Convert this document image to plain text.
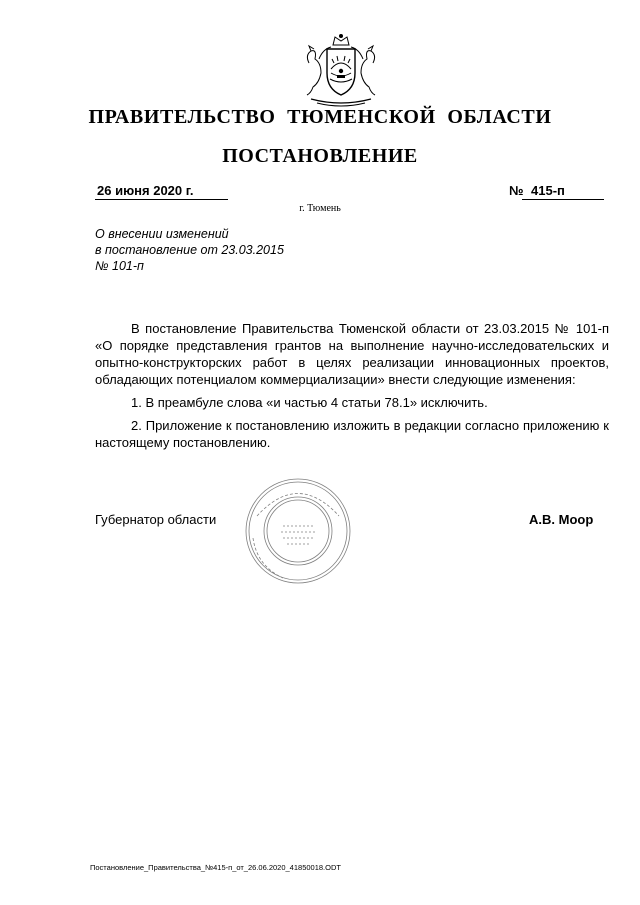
ПРАВИТЕЛЬСТВО ТЮМЕНСКОЙ ОБЛАСТИ
ПОСТАНОВЛЕНИЕ
26 июня 2020 г.	№ 415-п
г. Тюмень
О внесении изменений
в постановление от 23.03.2015
№ 101-п

В постановление Правительства Тюменской области от 23.03.2015 № 101-п «О порядке представления грантов на выполнение научно-исследовательских и опытно-конструкторских работ в целях реализации инновационных проектов, обладающих потенциалом коммерциализации» внести следующие изменения:

1. В преамбуле слова «и частью 4 статьи 78.1» исключить.

2. Приложение к постановлению изложить в редакции согласно приложению к настоящему постановлению.

Губернатор области	А.В. Моор
Постановление_Правительства_№415-п_от_26.06.2020_41850018.ODT
